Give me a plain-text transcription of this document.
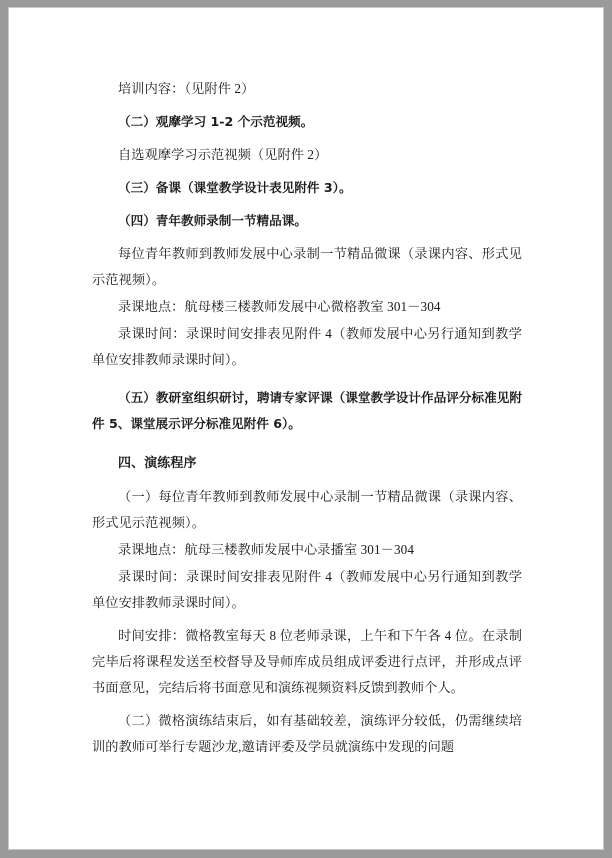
培训内容：（见附件 2）

（二）观摩学习 1-2 个示范视频。

自选观摩学习示范视频（见附件 2）

（三）备课（课堂教学设计表见附件 3）。

（四）青年教师录制一节精品课。

每位青年教师到教师发展中心录制一节精品微课（录课内容、形式见示范视频）。

录课地点：航母楼三楼教师发展中心微格教室 301－304

录课时间：录课时间安排表见附件 4（教师发展中心另行通知到教学单位安排教师录课时间）。

（五）教研室组织研讨，聘请专家评课（课堂教学设计作品评分标准见附件 5、课堂展示评分标准见附件 6）。

四、演练程序

（一）每位青年教师到教师发展中心录制一节精品微课（录课内容、形式见示范视频）。

录课地点：航母三楼教师发展中心录播室 301－304

录课时间：录课时间安排表见附件 4（教师发展中心另行通知到教学单位安排教师录课时间）。

时间安排：微格教室每天 8 位老师录课，上午和下午各 4 位。在录制完毕后将课程发送至校督导及导师库成员组成评委进行点评，并形成点评书面意见，完结后将书面意见和演练视频资料反馈到教师个人。

（二）微格演练结束后，如有基础较差，演练评分较低，仍需继续培训的教师可举行专题沙龙,邀请评委及学员就演练中发现的问题
